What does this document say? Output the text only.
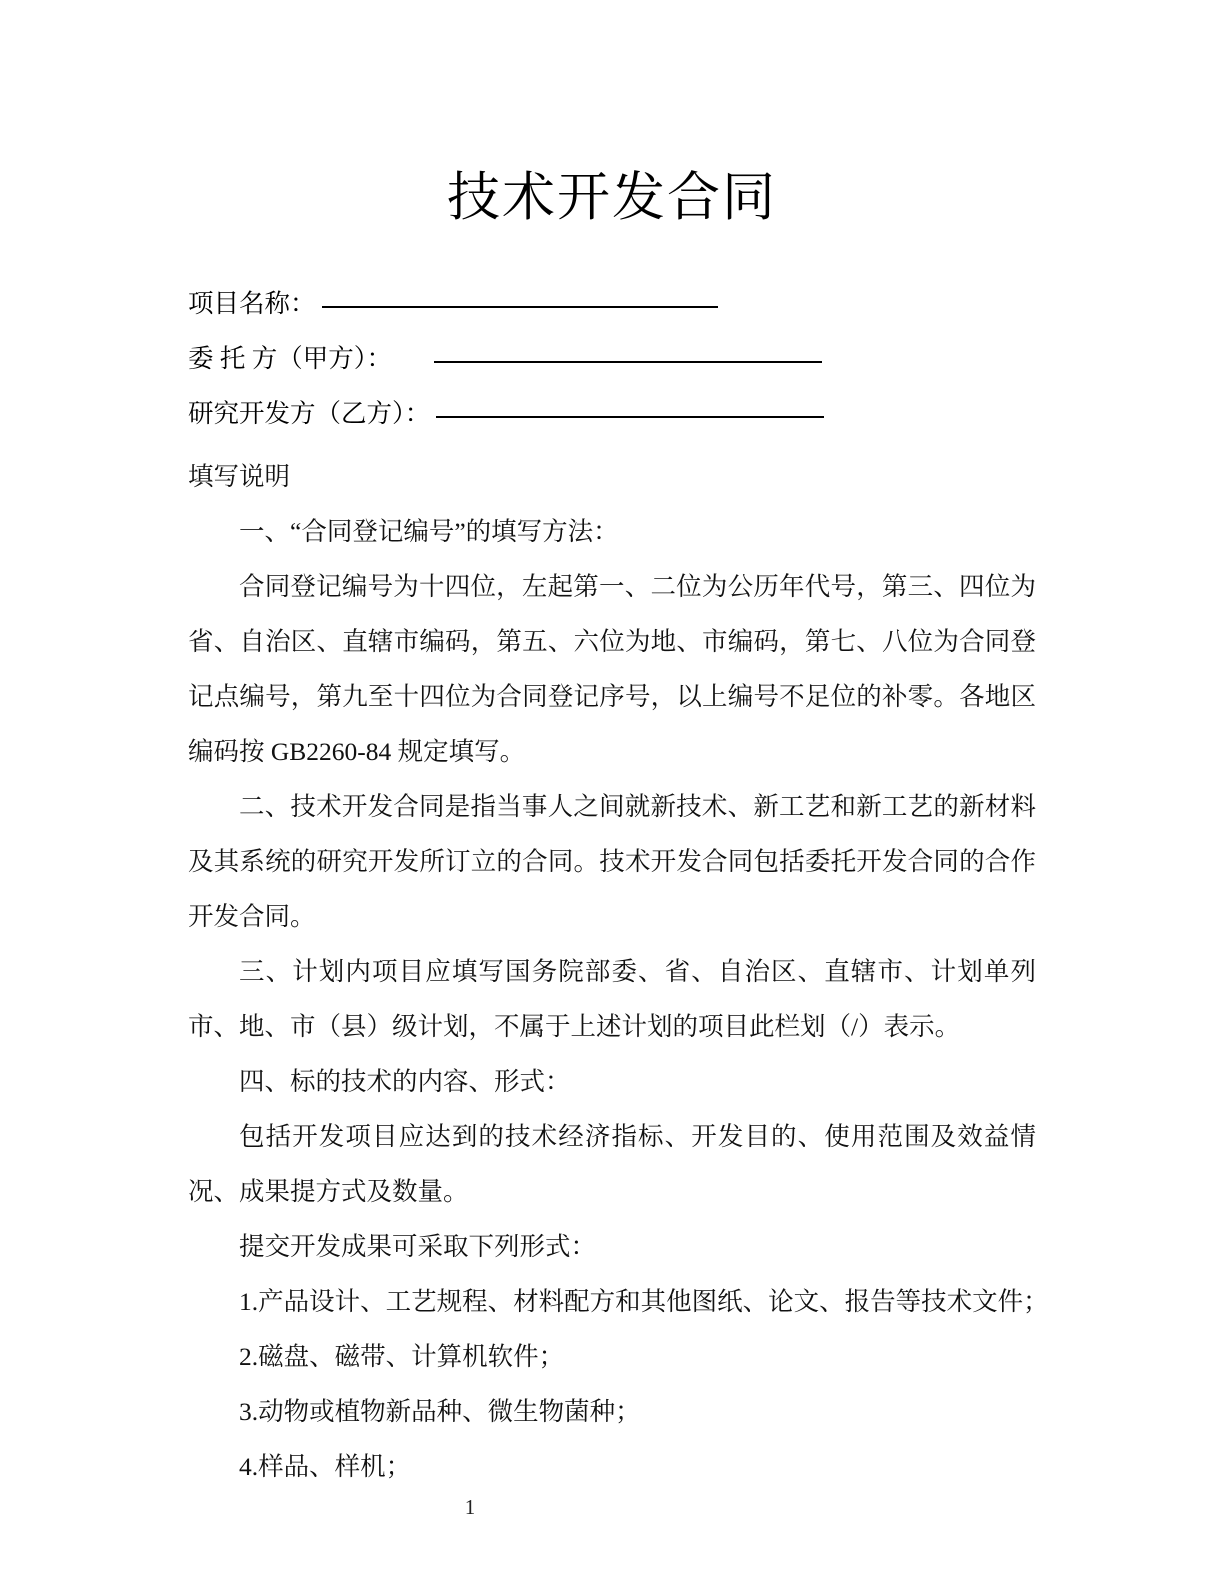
技术开发合同
项目名称：
委 托 方（甲方）：
研究开发方（乙方）：
填写说明
一、“合同登记编号”的填写方法：
合同登记编号为十四位，左起第一、二位为公历年代号，第三、四位为省、自治区、直辖市编码，第五、六位为地、市编码，第七、八位为合同登记点编号，第九至十四位为合同登记序号，以上编号不足位的补零。各地区编码按 GB2260-84 规定填写。
二、技术开发合同是指当事人之间就新技术、新工艺和新工艺的新材料及其系统的研究开发所订立的合同。技术开发合同包括委托开发合同的合作开发合同。
三、计划内项目应填写国务院部委、省、自治区、直辖市、计划单列市、地、市（县）级计划，不属于上述计划的项目此栏划（/）表示。
四、标的技术的内容、形式：
包括开发项目应达到的技术经济指标、开发目的、使用范围及效益情况、成果提方式及数量。
提交开发成果可采取下列形式：
1.产品设计、工艺规程、材料配方和其他图纸、论文、报告等技术文件；
2.磁盘、磁带、计算机软件；
3.动物或植物新品种、微生物菌种；
4.样品、样机；
1
